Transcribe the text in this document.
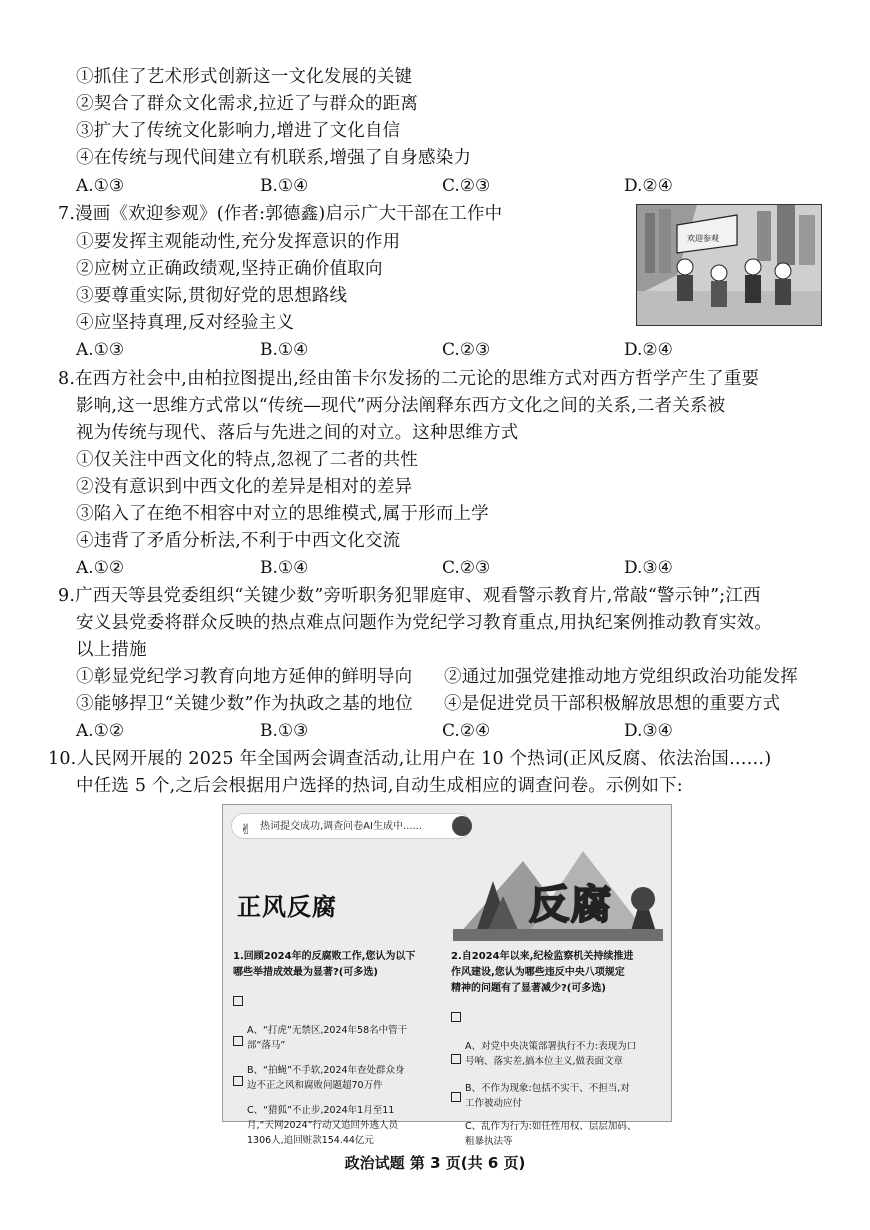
①抓住了艺术形式创新这一文化发展的关键
②契合了群众文化需求,拉近了与群众的距离
③扩大了传统文化影响力,增进了文化自信
④在传统与现代间建立有机联系,增强了自身感染力
A.①③	B.①④	C.②③	D.②④
7.漫画《欢迎参观》(作者:郭德鑫)启示广大干部在工作中
①要发挥主观能动性,充分发挥意识的作用
②应树立正确政绩观,坚持正确价值取向
③要尊重实际,贯彻好党的思想路线
④应坚持真理,反对经验主义
A.①③	B.①④	C.②③	D.②④
欢迎参观
8.在西方社会中,由柏拉图提出,经由笛卡尔发扬的二元论的思维方式对西方哲学产生了重要
影响,这一思维方式常以“传统—现代”两分法阐释东西方文化之间的关系,二者关系被
视为传统与现代、落后与先进之间的对立。这种思维方式
①仅关注中西文化的特点,忽视了二者的共性
②没有意识到中西文化的差异是相对的差异
③陷入了在绝不相容中对立的思维模式,属于形而上学
④违背了矛盾分析法,不利于中西文化交流
A.①②	B.①④	C.②③	D.③④
9.广西天等县党委组织“关键少数”旁听职务犯罪庭审、观看警示教育片,常敲“警示钟”;江西
安义县党委将群众反映的热点难点问题作为党纪学习教育重点,用执纪案例推动教育实效。
以上措施
①彰显党纪学习教育向地方延伸的鲜明导向 ②通过加强党建推动地方党组织政治功能发挥
③能够捍卫“关键少数”作为执政之基的地位 ④是促进党员干部积极解放思想的重要方式
A.①②	B.①③	C.②④	D.③④
10.人民网开展的 2025 年全国两会调查活动,让用户在 10 个热词(正风反腐、依法治国……)
中任选 5 个,之后会根据用户选择的热词,自动生成相应的调查问卷。示例如下:
✌ 热词提交成功,调查问卷AI生成中......
正风反腐	反腐
1.回顾2024年的反腐败工作,您认为以下
哪些举措成效最为显著?(可多选)

A、“打虎”无禁区,2024年58名中管干
部“落马”

B、“拍蝇”不手软,2024年查处群众身
边不正之风和腐败问题超70万件

C、“猎狐”不止步,2024年1月至11
月,“天网2024”行动又追回外逃人员
1306人,追回赃款154.44亿元

2.自2024年以来,纪检监察机关持续推进
作风建设,您认为哪些违反中央八项规定
精神的问题有了显著减少?(可多选)

A、对党中央决策部署执行不力:表现为口
号响、落实差,搞本位主义,做表面文章

B、不作为现象:包括不实干、不担当,对
工作被动应付

C、乱作为行为:如任性用权、层层加码、
粗暴执法等

政治试题 第 3 页(共 6 页)
